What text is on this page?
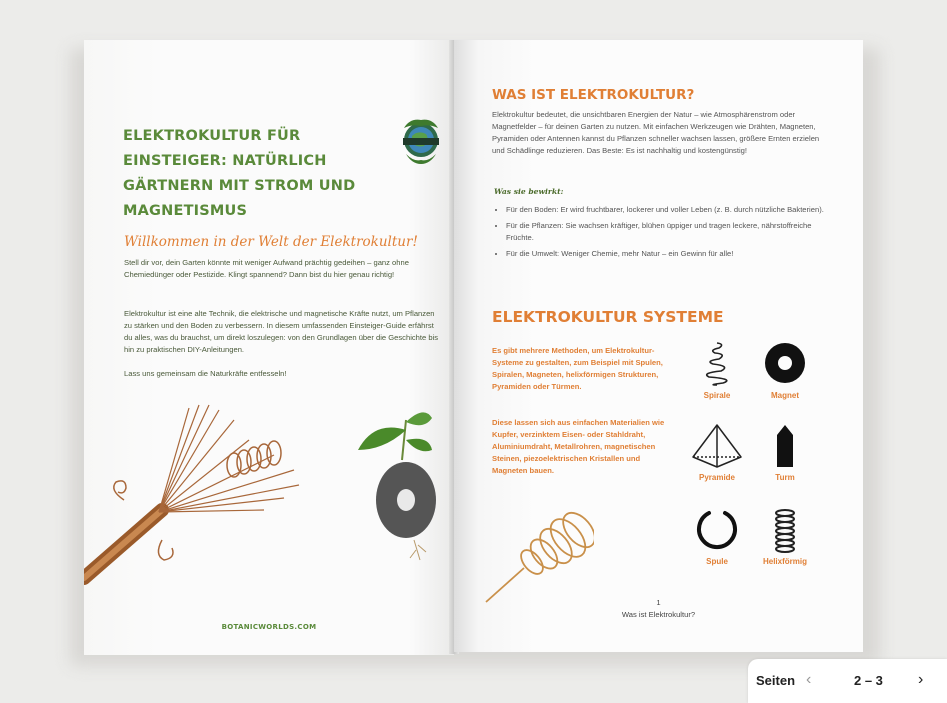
ELEKTROKULTUR FÜR EINSTEIGER: NATÜRLICH GÄRTNERN MIT STROM UND MAGNETISMUS
Willkommen in der Welt der Elektrokultur!
Stell dir vor, dein Garten könnte mit weniger Aufwand prächtig gedeihen – ganz ohne Chemiedünger oder Pestizide. Klingt spannend? Dann bist du hier genau richtig!
Elektrokultur ist eine alte Technik, die elektrische und magnetische Kräfte nutzt, um Pflanzen zu stärken und den Boden zu verbessern. In diesem umfassenden Einsteiger-Guide erfährst du alles, was du brauchst, um direkt loszulegen: von den Grundlagen über die Geschichte bis hin zu praktischen DIY-Anleitungen.
Lass uns gemeinsam die Naturkräfte entfesseln!
BOTANICWORLDS.COM
WAS IST ELEKTROKULTUR?
Elektrokultur bedeutet, die unsichtbaren Energien der Natur – wie Atmosphärenstrom oder Magnetfelder – für deinen Garten zu nutzen. Mit einfachen Werkzeugen wie Drähten, Magneten, Pyramiden oder Antennen kannst du Pflanzen schneller wachsen lassen, größere Ernten erzielen und Schädlinge reduzieren. Das Beste: Es ist nachhaltig und kostengünstig!
Was sie bewirkt:
• Für den Boden: Er wird fruchtbarer, lockerer und voller Leben (z. B. durch nützliche Bakterien).
• Für die Pflanzen: Sie wachsen kräftiger, blühen üppiger und tragen leckere, nährstoffreiche Früchte.
• Für die Umwelt: Weniger Chemie, mehr Natur – ein Gewinn für alle!
ELEKTROKULTUR SYSTEME
Es gibt mehrere Methoden, um Elektrokultur-Systeme zu gestalten, zum Beispiel mit Spulen, Spiralen, Magneten, helixförmigen Strukturen, Pyramiden oder Türmen.
Diese lassen sich aus einfachen Materialien wie Kupfer, verzinktem Eisen- oder Stahldraht, Aluminiumdraht, Metallrohren, magnetischen Steinen, piezoelektrischen Kristallen und Magneten bauen.
Spirale	Magnet
Pyramide	Turm
Spule	Helixförmig
1
Was ist Elektrokultur?
Seiten ‹	2 – 3 ›
